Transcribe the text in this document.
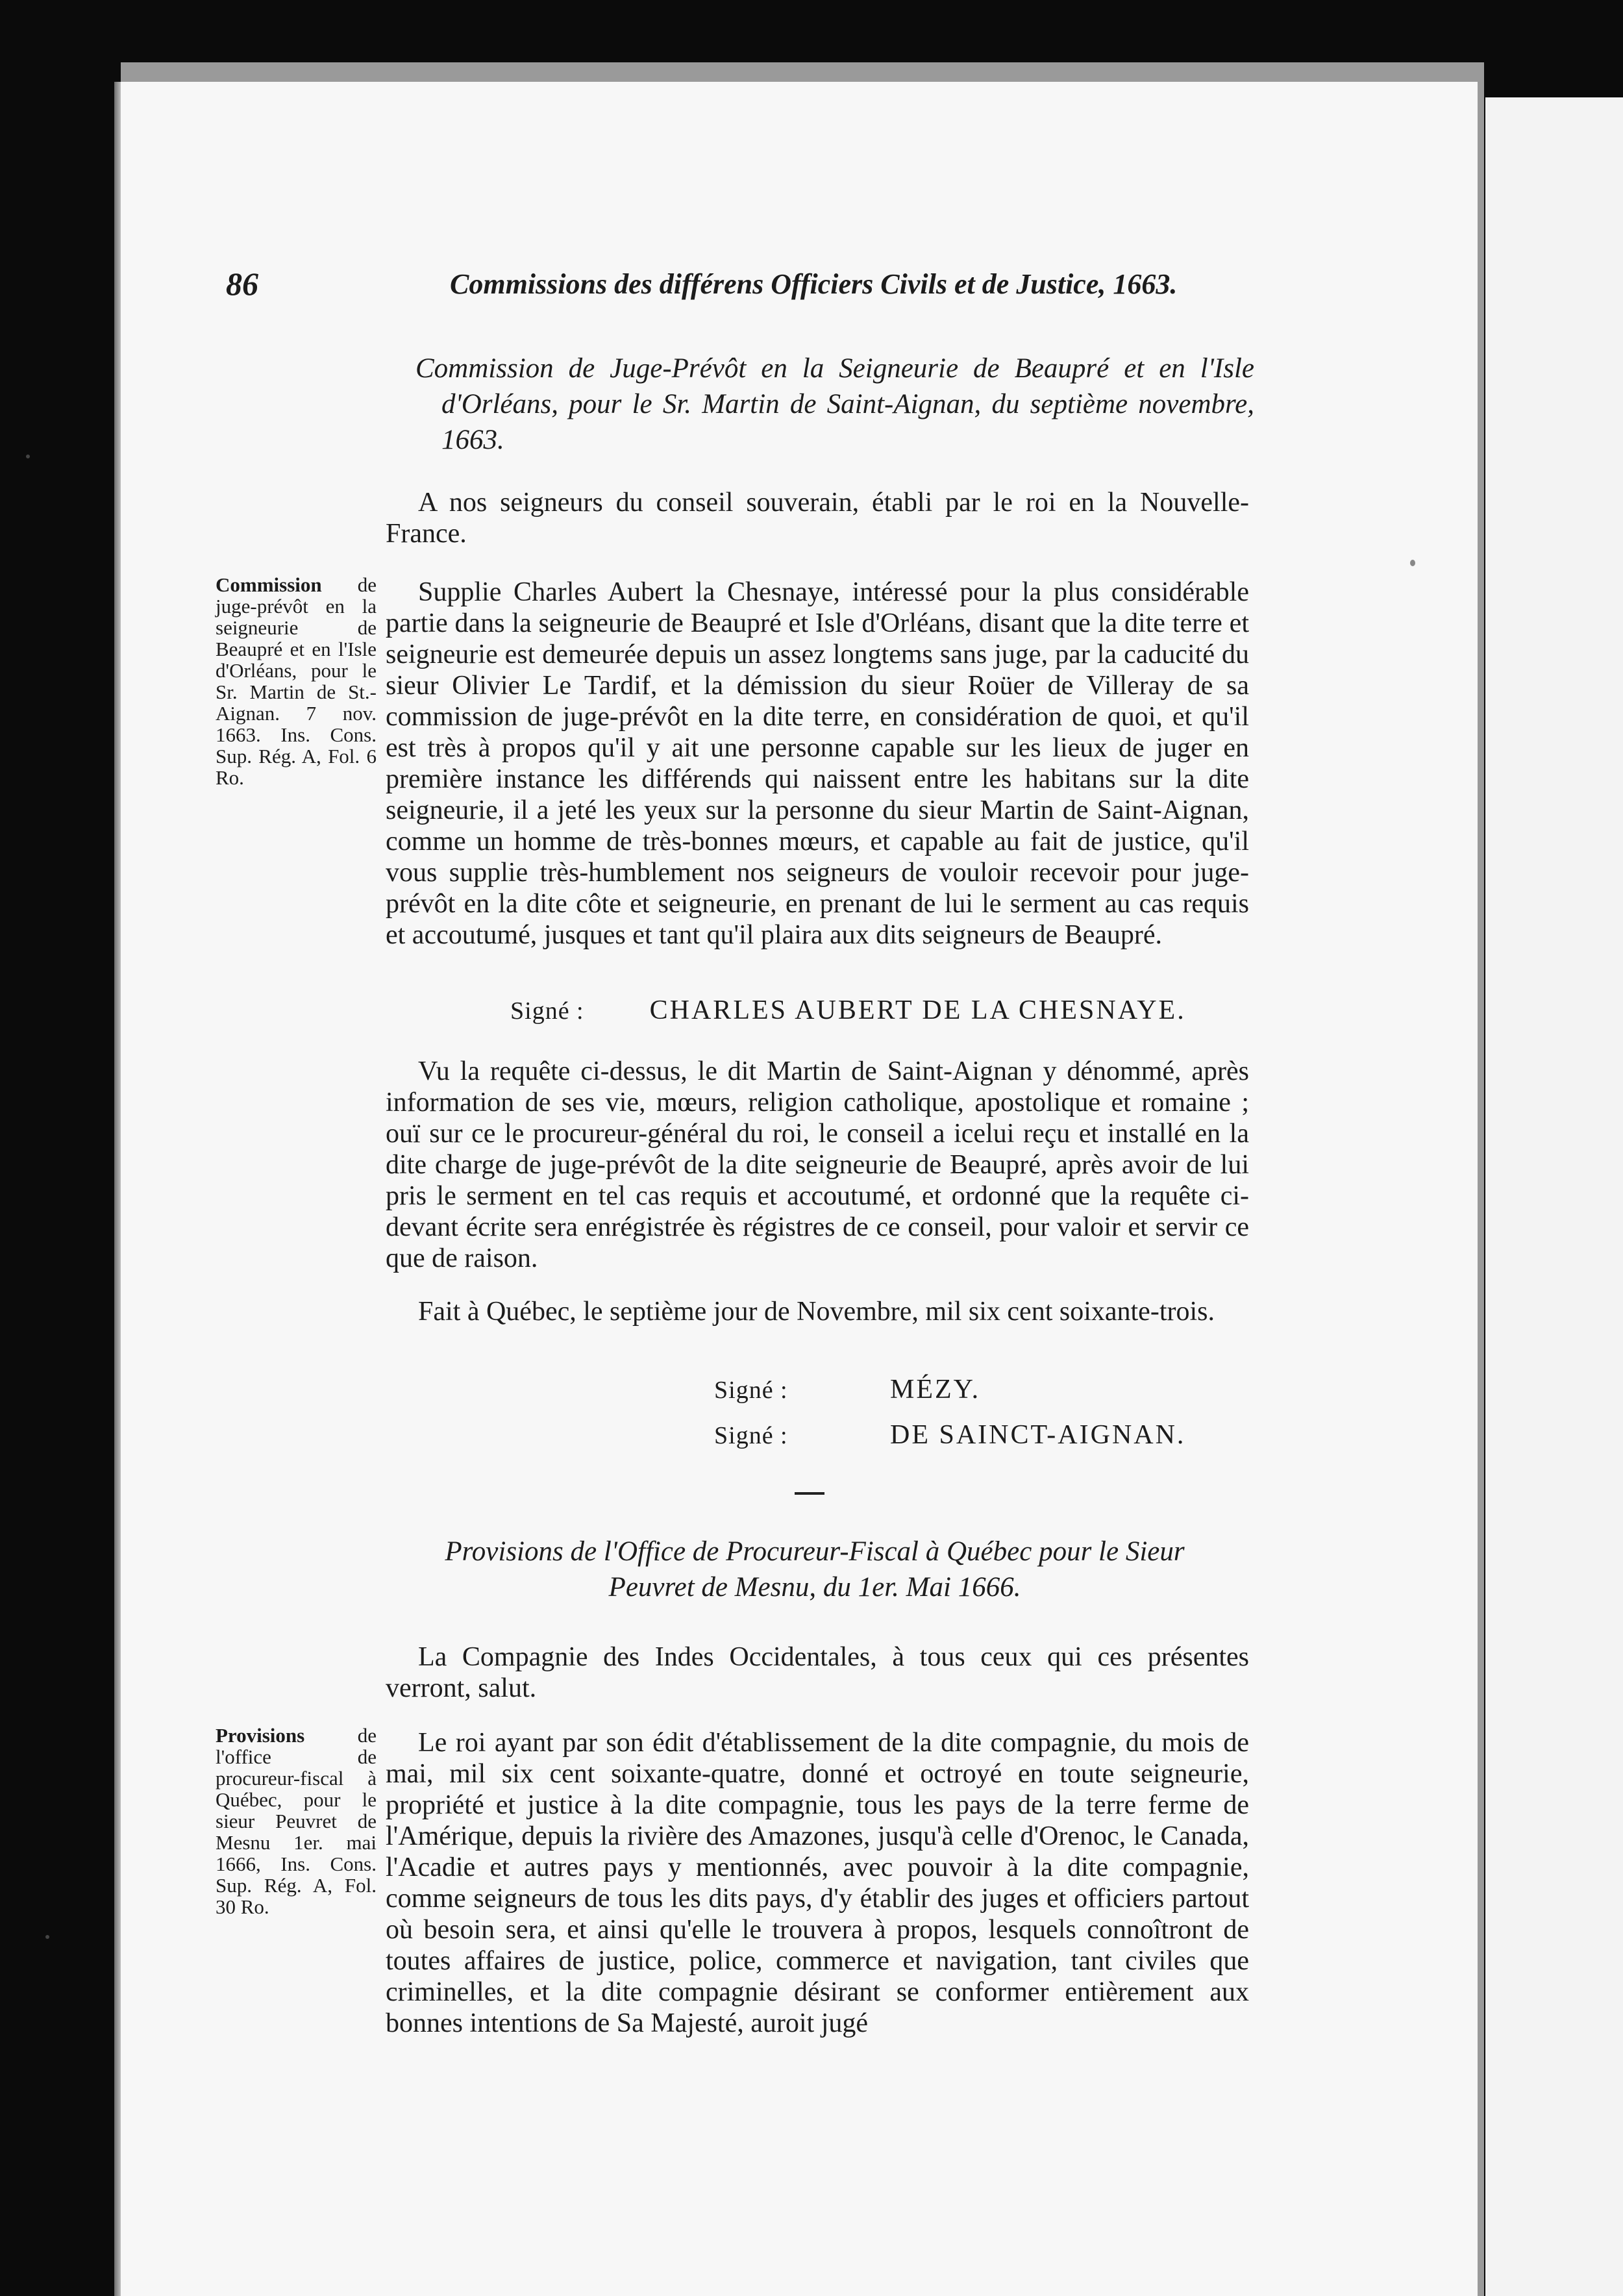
86	Commissions des différens Officiers Civils et de Justice, 1663.

Commission de Juge-Prévôt en la Seigneurie de Beaupré et en l'Isle d'Orléans, pour le Sr. Martin de Saint-Aignan, du septième novembre, 1663.

A nos seigneurs du conseil souverain, établi par le roi en la Nouvelle-France.

Commission de juge-prévôt en la seigneurie de Beaupré et en l'Isle d'Orléans, pour le Sr. Martin de St.-Aignan. 7 nov. 1663. Ins. Cons. Sup. Rég. A, Fol. 6 Ro.

Supplie Charles Aubert la Chesnaye, intéressé pour la plus considérable partie dans la seigneurie de Beaupré et Isle d'Orléans, disant que la dite terre et seigneurie est demeurée depuis un assez longtems sans juge, par la caducité du sieur Olivier Le Tardif, et la démission du sieur Roüer de Villeray de sa commission de juge-prévôt en la dite terre, en considération de quoi, et qu'il est très à propos qu'il y ait une personne capable sur les lieux de juger en première instance les différends qui naissent entre les habitans sur la dite seigneurie, il a jeté les yeux sur la personne du sieur Martin de Saint-Aignan, comme un homme de très-bonnes mœurs, et capable au fait de justice, qu'il vous supplie très-humblement nos seigneurs de vouloir recevoir pour juge-prévôt en la dite côte et seigneurie, en prenant de lui le serment au cas requis et accoutumé, jusques et tant qu'il plaira aux dits seigneurs de Beaupré.

Signé : CHARLES AUBERT DE LA CHESNAYE.

Vu la requête ci-dessus, le dit Martin de Saint-Aignan y dénommé, après information de ses vie, mœurs, religion catholique, apostolique et romaine ; ouï sur ce le procureur-général du roi, le conseil a icelui reçu et installé en la dite charge de juge-prévôt de la dite seigneurie de Beaupré, après avoir de lui pris le serment en tel cas requis et accoutumé, et ordonné que la requête ci-devant écrite sera enrégistrée ès régistres de ce conseil, pour valoir et servir ce que de raison.

Fait à Québec, le septième jour de Novembre, mil six cent soixante-trois.

Signé :	MÉZY.
Signé :	DE SAINCT-AIGNAN.

Provisions de l'Office de Procureur-Fiscal à Québec pour le Sieur

Peuvret de Mesnu, du 1er. Mai 1666.

La Compagnie des Indes Occidentales, à tous ceux qui ces présentes verront, salut.

Provisions de l'office de procureur-fiscal à Québec, pour le sieur Peuvret de Mesnu 1er. mai 1666, Ins. Cons. Sup. Rég. A, Fol. 30 Ro.

Le roi ayant par son édit d'établissement de la dite compagnie, du mois de mai, mil six cent soixante-quatre, donné et octroyé en toute seigneurie, propriété et justice à la dite compagnie, tous les pays de la terre ferme de l'Amérique, depuis la rivière des Amazones, jusqu'à celle d'Orenoc, le Canada, l'Acadie et autres pays y mentionnés, avec pouvoir à la dite compagnie, comme seigneurs de tous les dits pays, d'y établir des juges et officiers partout où besoin sera, et ainsi qu'elle le trouvera à propos, lesquels connoîtront de toutes affaires de justice, police, commerce et navigation, tant civiles que criminelles, et la dite compagnie désirant se conformer entièrement aux bonnes intentions de Sa Majesté, auroit jugé
